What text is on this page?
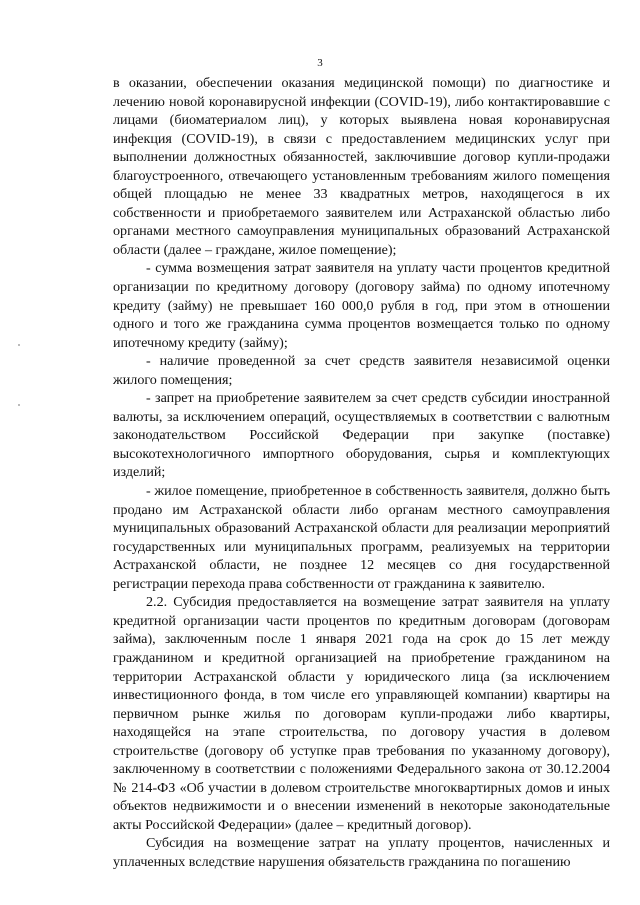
3

в оказании, обеспечении оказания медицинской помощи) по диагностике и лечению новой коронавирусной инфекции (COVID-19), либо контактировавшие с лицами (биоматериалом лиц), у которых выявлена новая коронавирусная инфекция (COVID-19), в связи с предоставлением медицинских услуг при выполнении должностных обязанностей, заключившие договор купли-продажи благоустроенного, отвечающего установленным требованиям жилого помещения общей площадью не менее 33 квадратных метров, находящегося в их собственности и приобретаемого заявителем или Астраханской областью либо органами местного самоуправления муниципальных образований Астраханской области (далее – граждане, жилое помещение);

- сумма возмещения затрат заявителя на уплату части процентов кредитной организации по кредитному договору (договору займа) по одному ипотечному кредиту (займу) не превышает 160 000,0 рубля в год, при этом в отношении одного и того же гражданина сумма процентов возмещается только по одному ипотечному кредиту (займу);

- наличие проведенной за счет средств заявителя независимой оценки жилого помещения;

- запрет на приобретение заявителем за счет средств субсидии иностранной валюты, за исключением операций, осуществляемых в соответствии с валютным законодательством Российской Федерации при закупке (поставке) высокотехнологичного импортного оборудования, сырья и комплектующих изделий;

- жилое помещение, приобретенное в собственность заявителя, должно быть продано им Астраханской области либо органам местного самоуправления муниципальных образований Астраханской области для реализации мероприятий государственных или муниципальных программ, реализуемых на территории Астраханской области, не позднее 12 месяцев со дня государственной регистрации перехода права собственности от гражданина к заявителю.

2.2. Субсидия предоставляется на возмещение затрат заявителя на уплату кредитной организации части процентов по кредитным договорам (договорам займа), заключенным после 1 января 2021 года на срок до 15 лет между гражданином и кредитной организацией на приобретение гражданином на территории Астраханской области у юридического лица (за исключением инвестиционного фонда, в том числе его управляющей компании) квартиры на первичном рынке жилья по договорам купли-продажи либо квартиры, находящейся на этапе строительства, по договору участия в долевом строительстве (договору об уступке прав требования по указанному договору), заключенному в соответствии с положениями Федерального закона от 30.12.2004 № 214-ФЗ «Об участии в долевом строительстве многоквартирных домов и иных объектов недвижимости и о внесении изменений в некоторые законодательные акты Российской Федерации» (далее – кредитный договор).

Субсидия на возмещение затрат на уплату процентов, начисленных и уплаченных вследствие нарушения обязательств гражданина по погашению
